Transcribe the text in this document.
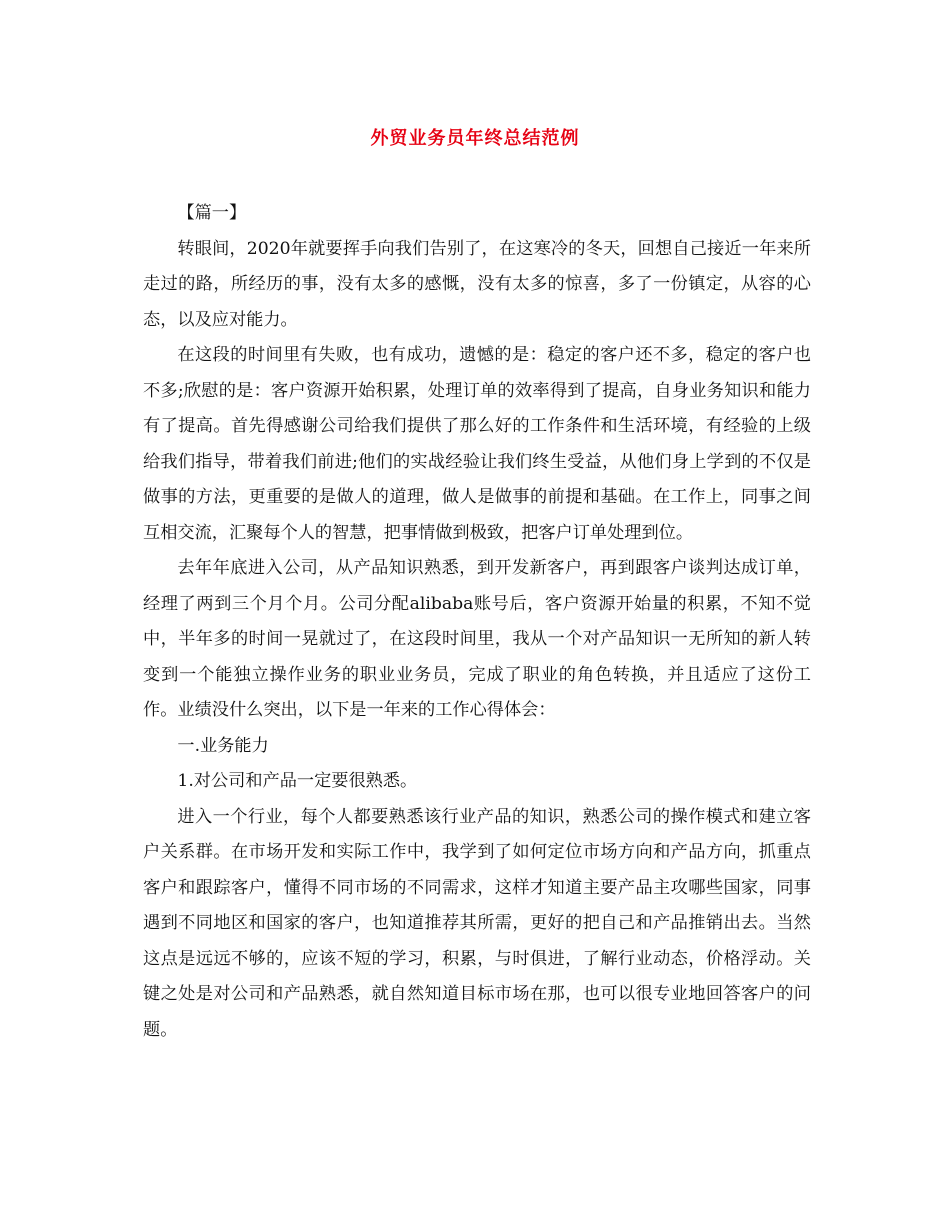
外贸业务员年终总结范例

【篇一】

转眼间，2020年就要挥手向我们告别了，在这寒冷的冬天，回想自己接近一年来所走过的路，所经历的事，没有太多的感慨，没有太多的惊喜，多了一份镇定，从容的心态，以及应对能力。

在这段的时间里有失败，也有成功，遗憾的是：稳定的客户还不多，稳定的客户也不多;欣慰的是：客户资源开始积累，处理订单的效率得到了提高，自身业务知识和能力有了提高。首先得感谢公司给我们提供了那么好的工作条件和生活环境，有经验的上级给我们指导，带着我们前进;他们的实战经验让我们终生受益，从他们身上学到的不仅是做事的方法，更重要的是做人的道理，做人是做事的前提和基础。在工作上，同事之间互相交流，汇聚每个人的智慧，把事情做到极致，把客户订单处理到位。

去年年底进入公司，从产品知识熟悉，到开发新客户，再到跟客户谈判达成订单，经理了两到三个月个月。公司分配alibaba账号后，客户资源开始量的积累，不知不觉中，半年多的时间一晃就过了，在这段时间里，我从一个对产品知识一无所知的新人转变到一个能独立操作业务的职业业务员，完成了职业的角色转换，并且适应了这份工作。业绩没什么突出，以下是一年来的工作心得体会：

一.业务能力

1.对公司和产品一定要很熟悉。

进入一个行业，每个人都要熟悉该行业产品的知识，熟悉公司的操作模式和建立客户关系群。在市场开发和实际工作中，我学到了如何定位市场方向和产品方向，抓重点客户和跟踪客户，懂得不同市场的不同需求，这样才知道主要产品主攻哪些国家，同事遇到不同地区和国家的客户，也知道推荐其所需，更好的把自己和产品推销出去。当然这点是远远不够的，应该不短的学习，积累，与时俱进，了解行业动态，价格浮动。关键之处是对公司和产品熟悉，就自然知道目标市场在那，也可以很专业地回答客户的问题。
